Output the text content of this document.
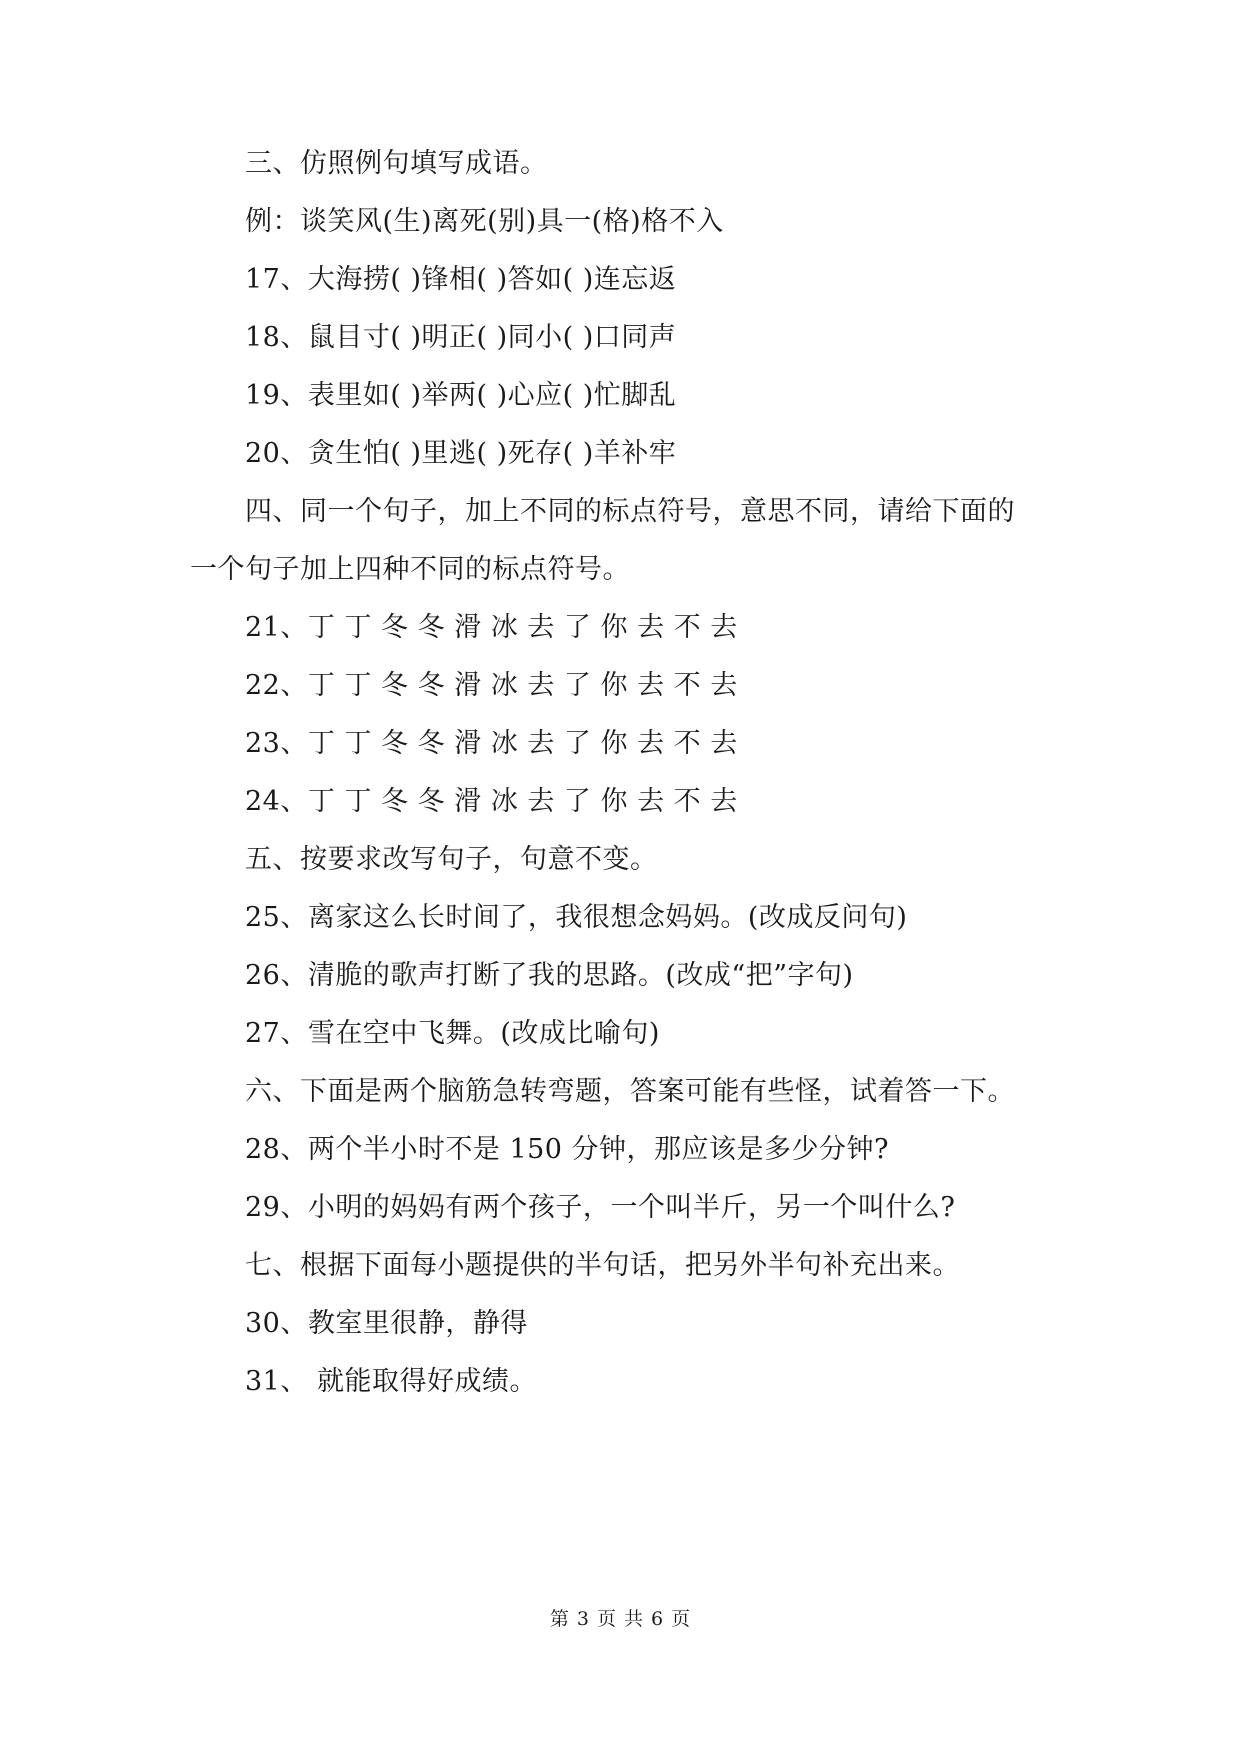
三、仿照例句填写成语。
例：谈笑风(生)离死(别)具一(格)格不入
17、大海捞( )锋相( )答如( )连忘返
18、鼠目寸( )明正( )同小( )口同声
19、表里如( )举两( )心应( )忙脚乱
20、贪生怕( )里逃( )死存( )羊补牢
四、同一个句子，加上不同的标点符号，意思不同，请给下面的
一个句子加上四种不同的标点符号。
21、丁 丁 冬 冬 滑 冰 去 了 你 去 不 去
22、丁 丁 冬 冬 滑 冰 去 了 你 去 不 去
23、丁 丁 冬 冬 滑 冰 去 了 你 去 不 去
24、丁 丁 冬 冬 滑 冰 去 了 你 去 不 去
五、按要求改写句子，句意不变。
25、离家这么长时间了，我很想念妈妈。(改成反问句)
26、清脆的歌声打断了我的思路。(改成“把”字句)
27、雪在空中飞舞。(改成比喻句)
六、下面是两个脑筋急转弯题，答案可能有些怪，试着答一下。
28、两个半小时不是 150 分钟，那应该是多少分钟?
29、小明的妈妈有两个孩子，一个叫半斤，另一个叫什么?
七、根据下面每小题提供的半句话，把另外半句补充出来。
30、教室里很静，静得
31、 就能取得好成绩。
第 3 页 共 6 页
